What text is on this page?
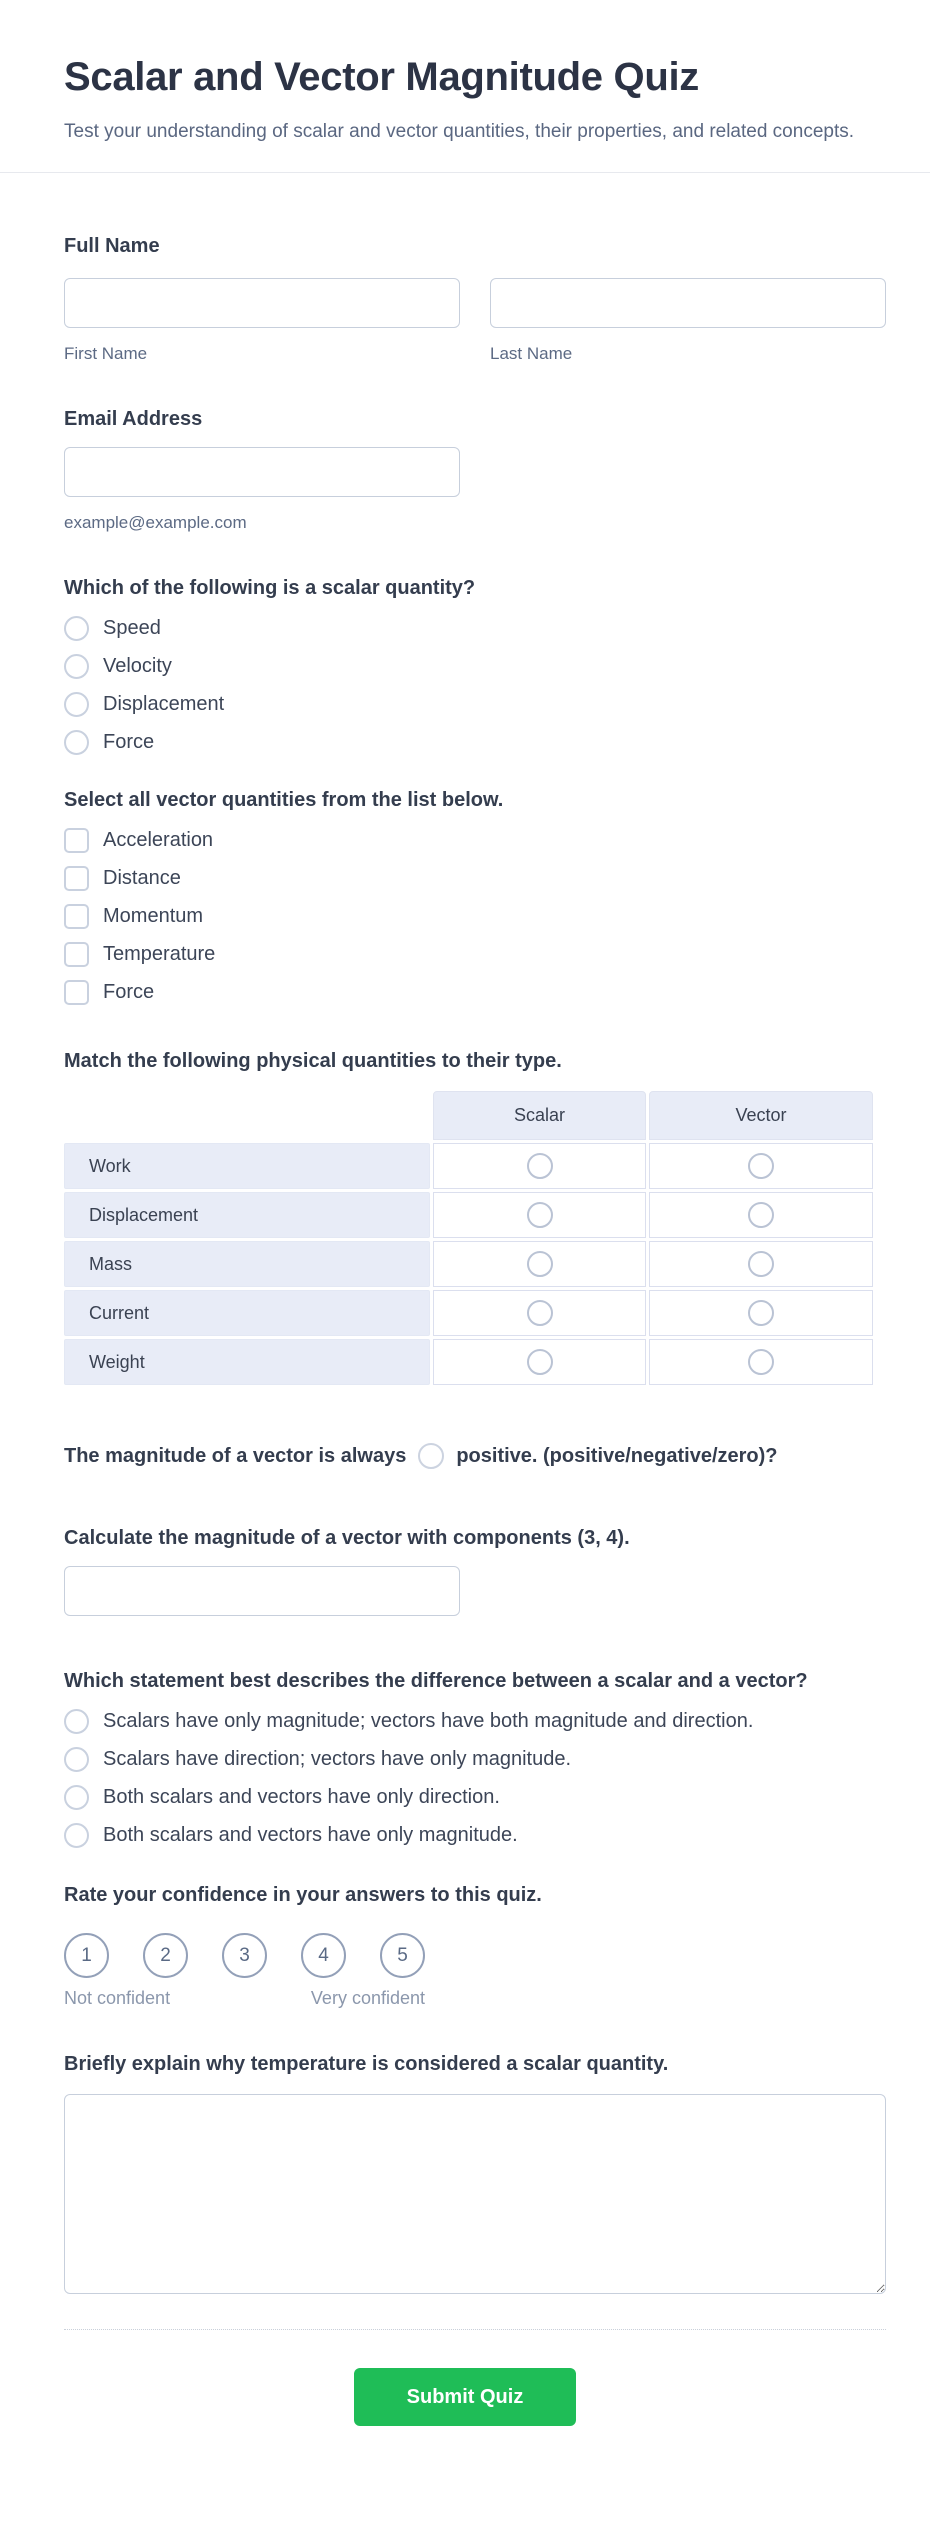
Scalar and Vector Magnitude Quiz

Test your understanding of scalar and vector quantities, their properties, and related concepts.

Full Name
First Name	Last Name
Email Address
example@example.com
Which of the following is a scalar quantity?
Speed
Velocity
Displacement
Force
Select all vector quantities from the list below.
Acceleration
Distance
Momentum
Temperature
Force
Match the following physical quantities to their type.
Scalar	Vector
Work
Displacement
Mass
Current
Weight
The magnitude of a vector is always	positive. (positive/negative/zero)?
Calculate the magnitude of a vector with components (3, 4).
Which statement best describes the difference between a scalar and a vector?
Scalars have only magnitude; vectors have both magnitude and direction.
Scalars have direction; vectors have only magnitude.
Both scalars and vectors have only direction.
Both scalars and vectors have only magnitude.
Rate your confidence in your answers to this quiz.
1	2	3	4	5
Not confident	Very confident
Briefly explain why temperature is considered a scalar quantity.
Submit Quiz
